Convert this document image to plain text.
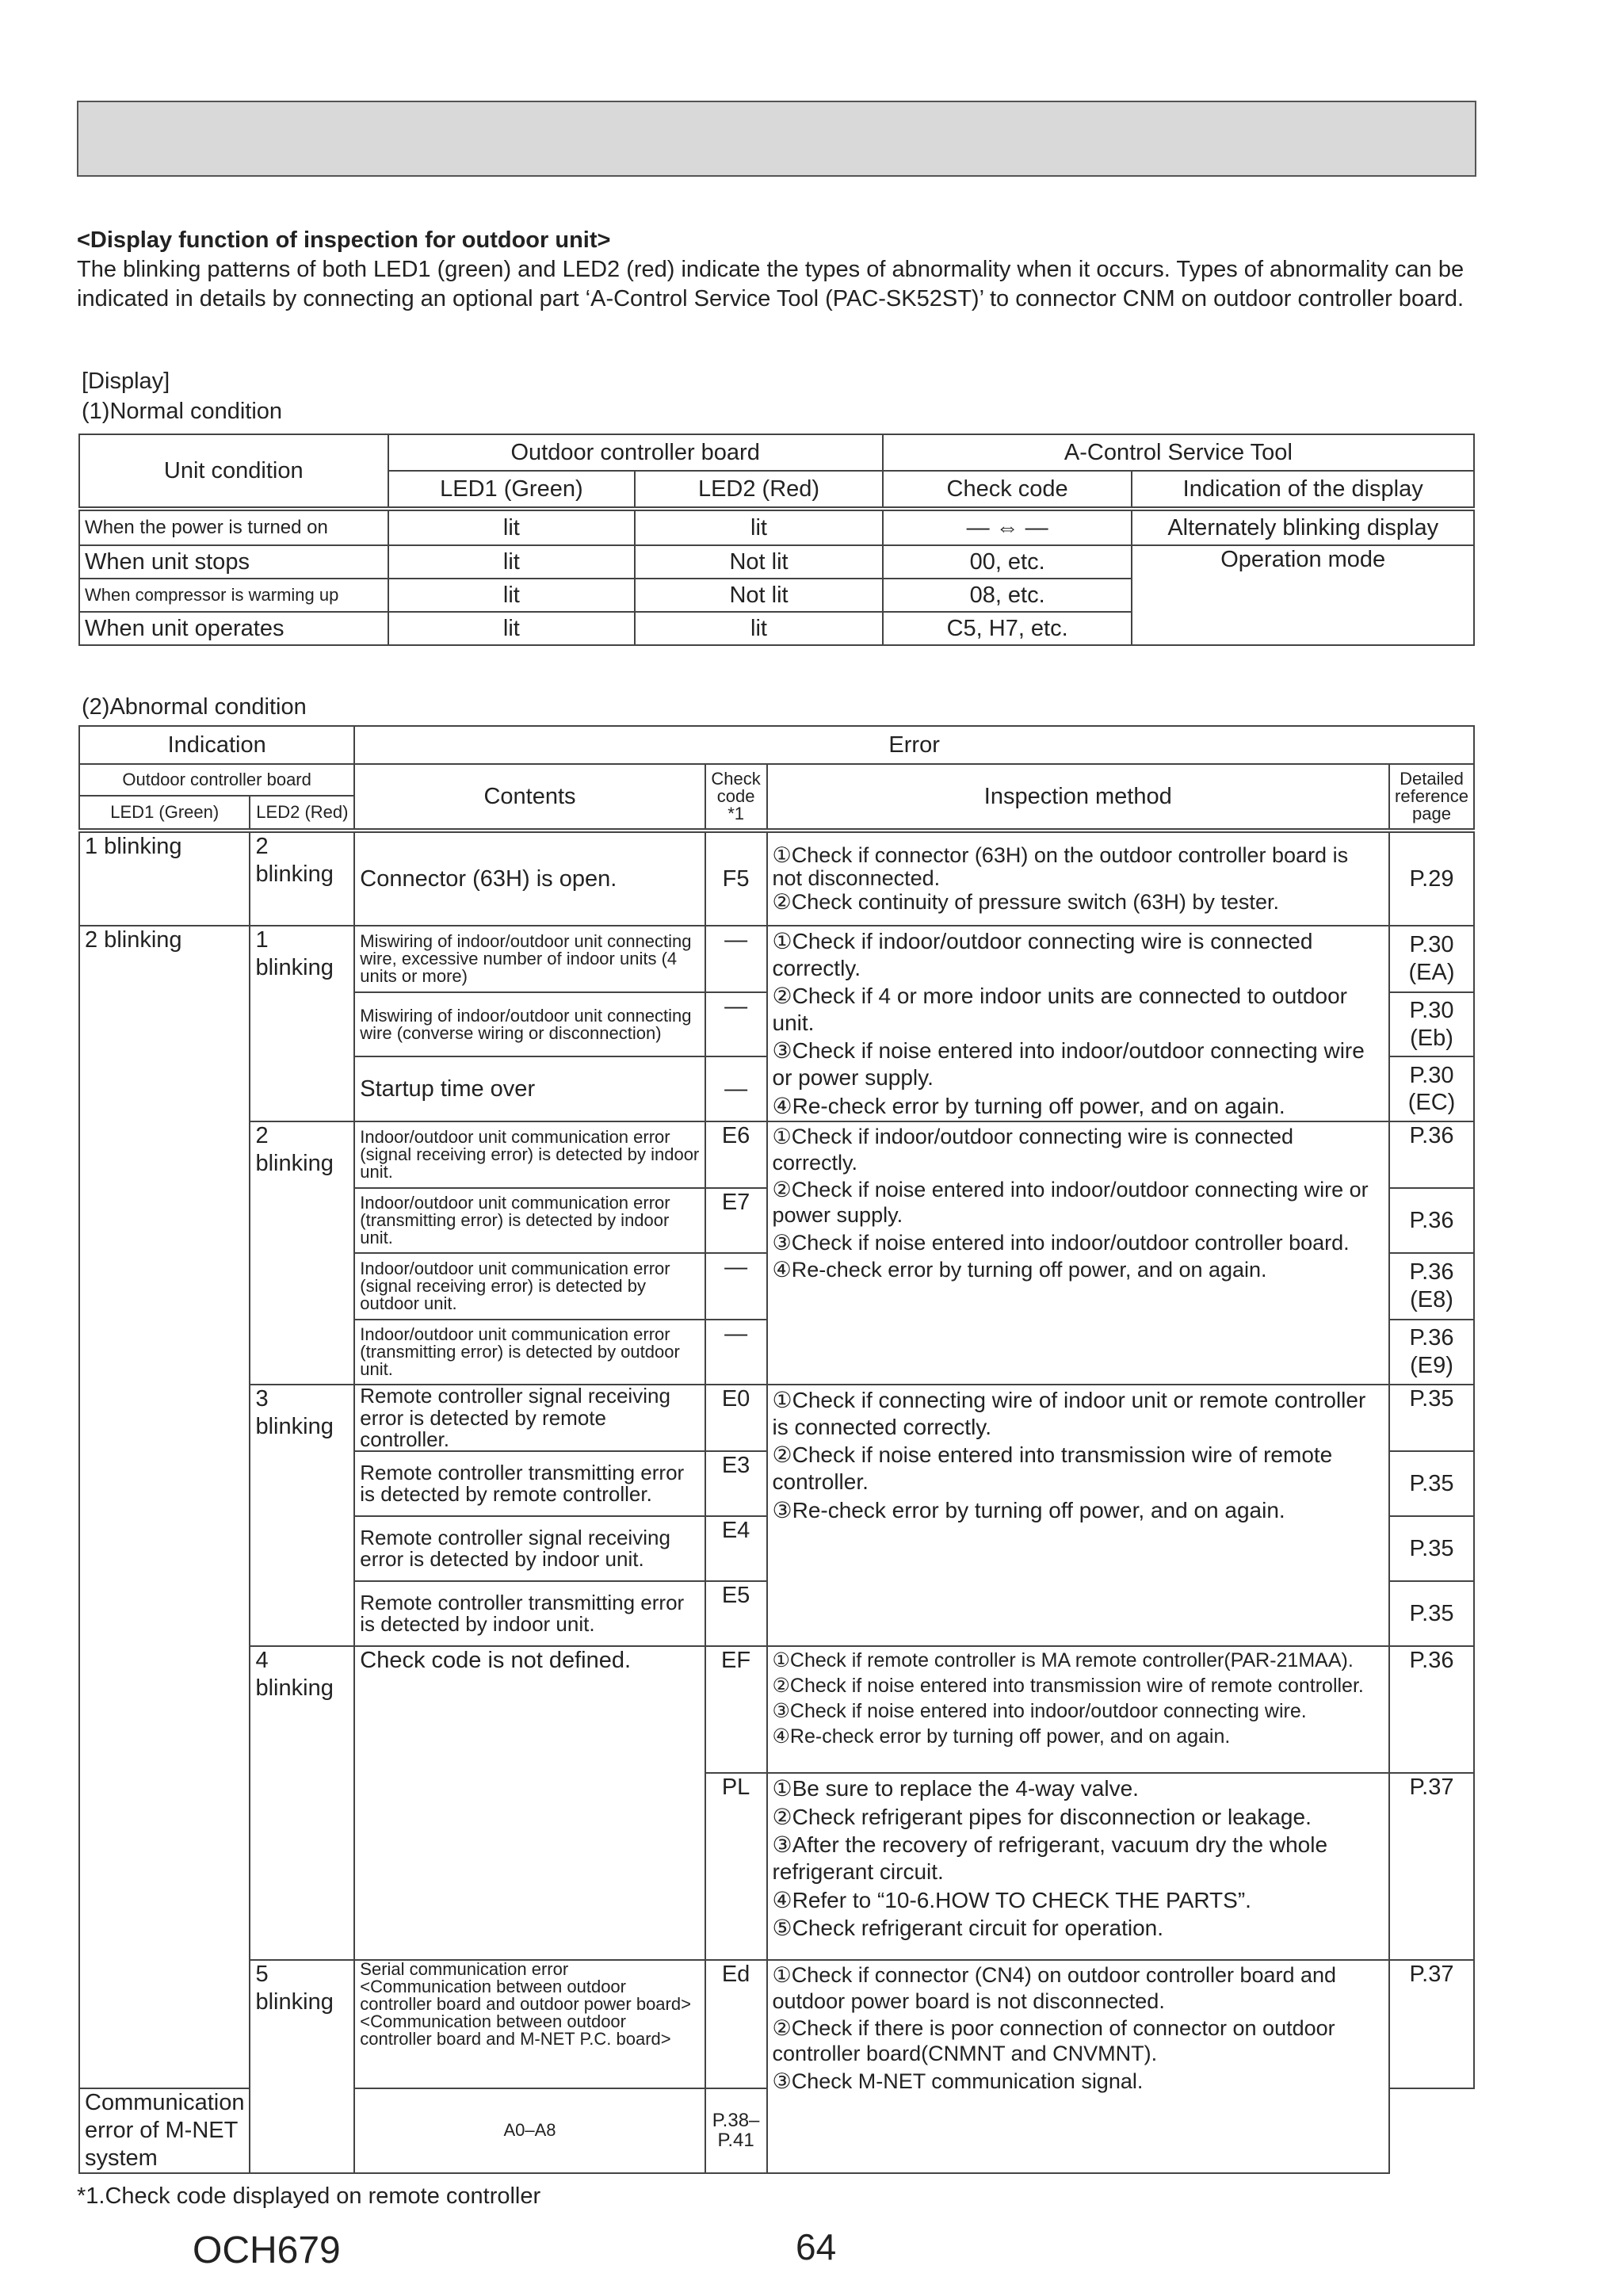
<Display function of inspection for outdoor unit>
The blinking patterns of both LED1 (green) and LED2 (red) indicate the types of abnormality when it occurs. Types of abnormality can be indicated in details by connecting an optional part ‘A-Control Service Tool (PAC-SK52ST)’ to connector CNM on outdoor controller board.
[Display]
(1)Normal condition
Unit condition	Outdoor controller board		A-Control Service Tool	
	LED1 (Green)	LED2 (Red)	Check code	Indication of the display
When the power is turned on	lit	lit	— ⇔ —	Alternately blinking display
When unit stops	lit	Not lit	00, etc.	Operation mode
When compressor is warming up	lit	Not lit	08, etc.	
When unit operates	lit	lit	C5, H7, etc.	
(2)Abnormal condition
Indication		Error			
Outdoor controller board		Contents	Check code *1	Inspection method	Detailed reference page
LED1 (Green)	LED2 (Red)				
1 blinking	2 blinking	Connector (63H) is open.	F5	①Check if connector (63H) on the outdoor controller board is not disconnected.
②Check continuity of pressure switch (63H) by tester.	P.29
2 blinking	1 blinking	Miswiring of indoor/outdoor unit connecting wire, excessive number of indoor units (4 units or more)	—	①Check if indoor/outdoor connecting wire is connected correctly.
②Check if 4 or more indoor units are connected to outdoor unit.
③Check if noise entered into indoor/outdoor connecting wire or power supply.
④Re-check error by turning off power, and on again.	P.30 (EA)
		Miswiring of indoor/outdoor unit connecting wire (converse wiring or disconnection)	—		P.30 (Eb)
		Startup time over	—		P.30 (EC)
	2 blinking	Indoor/outdoor unit communication error (signal receiving error) is detected by indoor unit.	E6	①Check if indoor/outdoor connecting wire is connected correctly.
②Check if noise entered into indoor/outdoor connecting wire or power supply.
③Check if noise entered into indoor/outdoor controller board.
④Re-check error by turning off power, and on again.	P.36
		Indoor/outdoor unit communication error (transmitting error) is detected by indoor unit.	E7		P.36
		Indoor/outdoor unit communication error (signal receiving error) is detected by outdoor unit.	—		P.36 (E8)
		Indoor/outdoor unit communication error (transmitting error) is detected by outdoor unit.	—		P.36 (E9)
	3 blinking	Remote controller signal receiving error is detected by remote controller.	E0	①Check if connecting wire of indoor unit or remote controller is connected correctly.
②Check if noise entered into transmission wire of remote controller.
③Re-check error by turning off power, and on again.	P.35
		Remote controller transmitting error is detected by remote controller.	E3		P.35
		Remote controller signal receiving error is detected by indoor unit.	E4		P.35
		Remote controller transmitting error is detected by indoor unit.	E5		P.35
	4 blinking	Check code is not defined.	EF	①Check if remote controller is MA remote controller(PAR-21MAA).
②Check if noise entered into transmission wire of remote controller.
③Check if noise entered into indoor/outdoor connecting wire.
④Re-check error by turning off power, and on again.	P.36
			PL	①Be sure to replace the 4-way valve.
②Check refrigerant pipes for disconnection or leakage.
③After the recovery of refrigerant, vacuum dry the whole refrigerant circuit.
④Refer to “10-6.HOW TO CHECK THE PARTS”.
⑤Check refrigerant circuit for operation.	P.37
	5 blinking	Serial communication error <Communication between outdoor controller board and outdoor power board> <Communication between outdoor controller board and M-NET P.C. board>	Ed	①Check if connector (CN4) on outdoor controller board and outdoor power board is not disconnected.
②Check if there is poor connection of connector on outdoor controller board(CNMNT and CNVMNT).
③Check M-NET communication signal.	P.37
Communication error of M-NET system		A0–A8	P.38– P.41		
*1.Check code displayed on remote controller
OCH679	64
